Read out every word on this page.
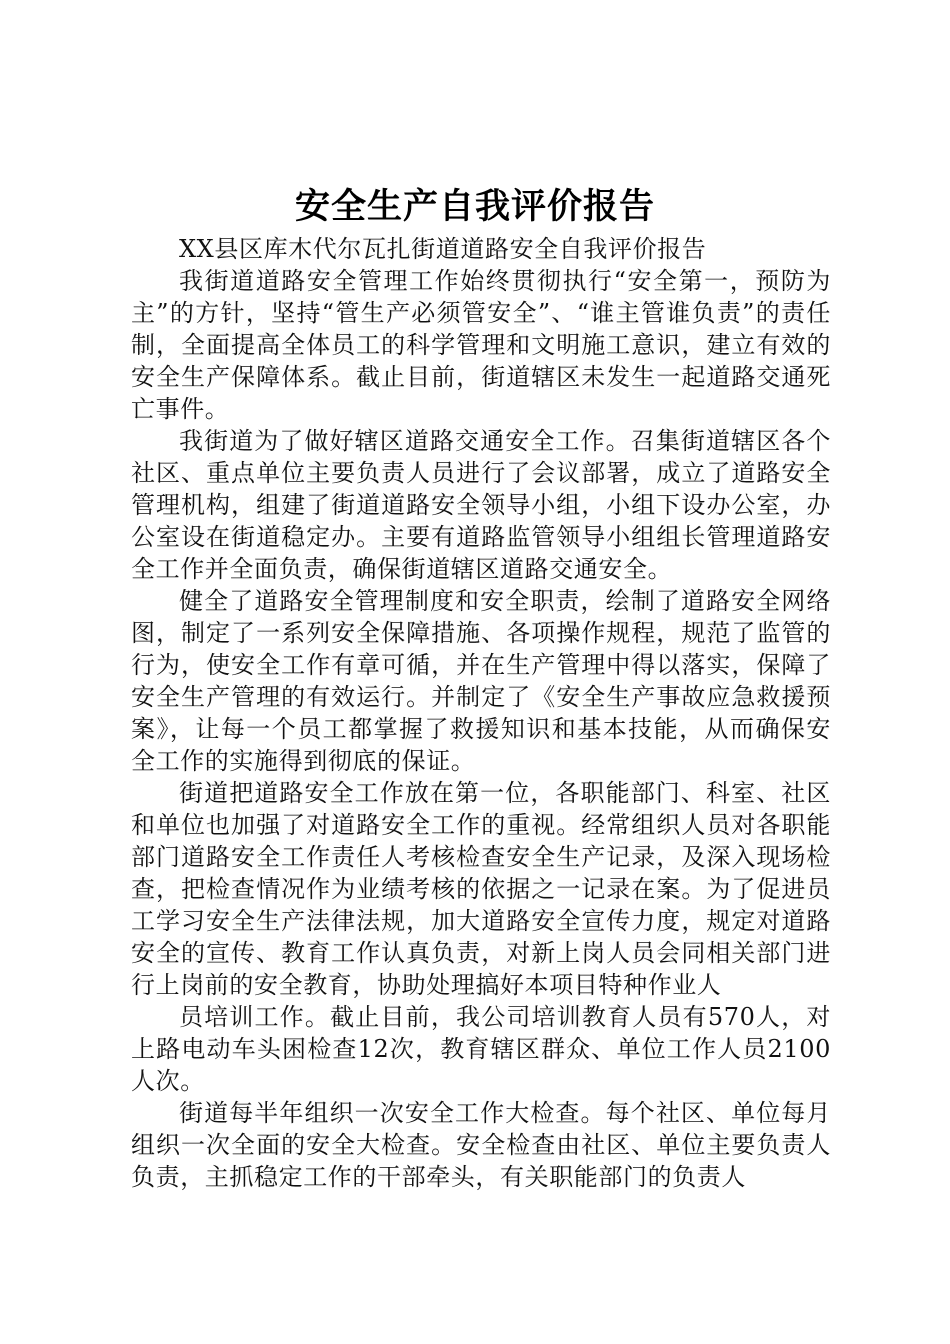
安全生产自我评价报告

XX县区库木代尔瓦扎街道道路安全自我评价报告

我街道道路安全管理工作始终贯彻执行“安全第一，预防为主”的方针，坚持“管生产必须管安全”、“谁主管谁负责”的责任制，全面提高全体员工的科学管理和文明施工意识，建立有效的安全生产保障体系。截止目前，街道辖区未发生一起道路交通死亡事件。

我街道为了做好辖区道路交通安全工作。召集街道辖区各个社区、重点单位主要负责人员进行了会议部署，成立了道路安全管理机构，组建了街道道路安全领导小组，小组下设办公室，办公室设在街道稳定办。主要有道路监管领导小组组长管理道路安全工作并全面负责，确保街道辖区道路交通安全。

健全了道路安全管理制度和安全职责，绘制了道路安全网络图，制定了一系列安全保障措施、各项操作规程，规范了监管的行为，使安全工作有章可循，并在生产管理中得以落实，保障了安全生产管理的有效运行。并制定了《安全生产事故应急救援预案》，让每一个员工都掌握了救援知识和基本技能，从而确保安全工作的实施得到彻底的保证。

街道把道路安全工作放在第一位，各职能部门、科室、社区和单位也加强了对道路安全工作的重视。经常组织人员对各职能部门道路安全工作责任人考核检查安全生产记录，及深入现场检查，把检查情况作为业绩考核的依据之一记录在案。为了促进员工学习安全生产法律法规，加大道路安全宣传力度，规定对道路安全的宣传、教育工作认真负责，对新上岗人员会同相关部门进行上岗前的安全教育，协助处理搞好本项目特种作业人

员培训工作。截止目前，我公司培训教育人员有570人，对上路电动车头困检查12次，教育辖区群众、单位工作人员2100人次。

街道每半年组织一次安全工作大检查。每个社区、单位每月组织一次全面的安全大检查。安全检查由社区、单位主要负责人负责，主抓稳定工作的干部牵头，有关职能部门的负责人
